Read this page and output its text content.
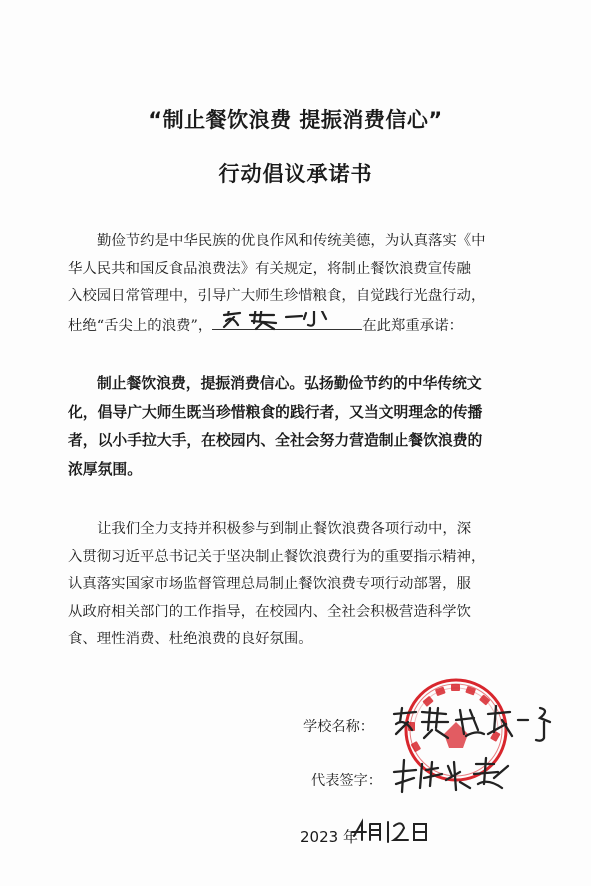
“制止餐饮浪费 提振消费信心”
行动倡议承诺书
勤俭节约是中华民族的优良作风和传统美德，为认真落实《中
华人民共和国反食品浪费法》有关规定，将制止餐饮浪费宣传融
入校园日常管理中，引导广大师生珍惜粮食，自觉践行光盘行动，
杜绝“舌尖上的浪费”，	在此郑重承诺：
制止餐饮浪费，提振消费信心。弘扬勤俭节约的中华传统文
化，倡导广大师生既当珍惜粮食的践行者，又当文明理念的传播
者，以小手拉大手，在校园内、全社会努力营造制止餐饮浪费的
浓厚氛围。
让我们全力支持并积极参与到制止餐饮浪费各项行动中，深
入贯彻习近平总书记关于坚决制止餐饮浪费行为的重要指示精神，
认真落实国家市场监督管理总局制止餐饮浪费专项行动部署，服
从政府相关部门的工作指导，在校园内、全社会积极营造科学饮
食、理性消费、杜绝浪费的良好氛围。
学校名称：
代表签字：
2023 年
